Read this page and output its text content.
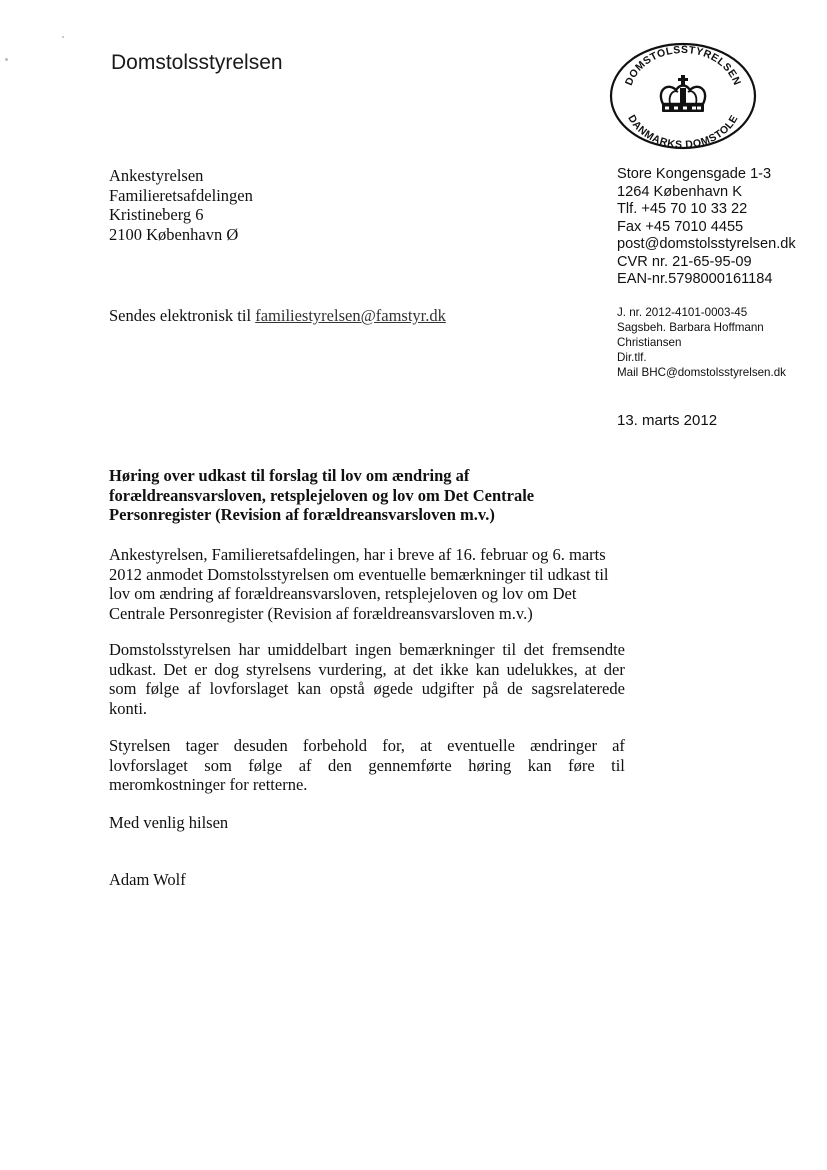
Domstolsstyrelsen
DOMSTOLSSTYRELSEN
DANMARKS DOMSTOLE
Ankestyrelsen
Familieretsafdelingen
Kristineberg 6
2100 København Ø
Store Kongensgade 1-3
1264 København K
Tlf. +45 70 10 33 22
Fax +45 7010 4455
post@domstolsstyrelsen.dk
CVR nr. 21-65-95-09
EAN-nr.5798000161184
Sendes elektronisk til familiestyrelsen@famstyr.dk	J. nr. 2012-4101-0003-45
Sagsbeh. Barbara Hoffmann
Christiansen
Dir.tlf.
Mail BHC@domstolsstyrelsen.dk
13. marts 2012
Høring over udkast til forslag til lov om ændring af
forældreansvarsloven, retsplejeloven og lov om Det Centrale
Personregister (Revision af forældreansvarsloven m.v.)
Ankestyrelsen, Familieretsafdelingen, har i breve af 16. februar og 6. marts
2012 anmodet Domstolsstyrelsen om eventuelle bemærkninger til udkast til
lov om ændring af forældreansvarsloven, retsplejeloven og lov om Det
Centrale Personregister (Revision af forældreansvarsloven m.v.)
Domstolsstyrelsen har umiddelbart ingen bemærkninger til det fremsendte
udkast. Det er dog styrelsens vurdering, at det ikke kan udelukkes, at der
som følge af lovforslaget kan opstå øgede udgifter på de sagsrelaterede
konti.
Styrelsen tager desuden forbehold for, at eventuelle ændringer af
lovforslaget som følge af den gennemførte høring kan føre til
meromkostninger for retterne.
Med venlig hilsen
Adam Wolf
